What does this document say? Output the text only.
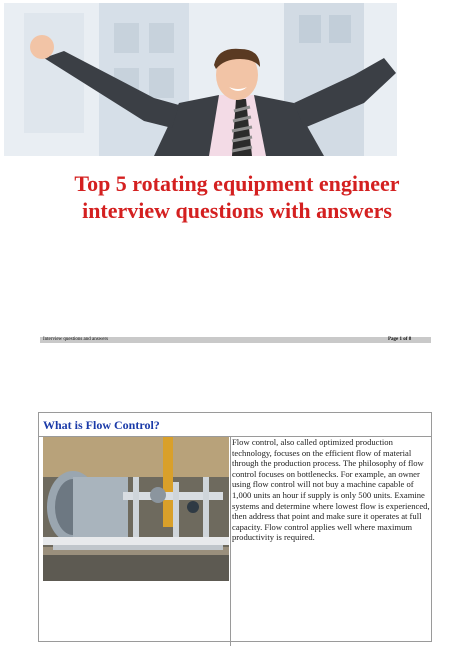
Top 5 rotating equipment engineer
interview questions with answers
Interview questions and answers	Page 1 of 8
What is Flow Control?
Flow control, also called optimized production technology, focuses on the efficient flow of material through the production process. The philosophy of flow control focuses on bottlenecks. For example, an owner using flow control will not buy a machine capable of 1,000 units an hour if supply is only 500 units. Examine systems and determine where lowest flow is experienced, then address that point and make sure it operates at full capacity. Flow control applies well where maximum productivity is required.
